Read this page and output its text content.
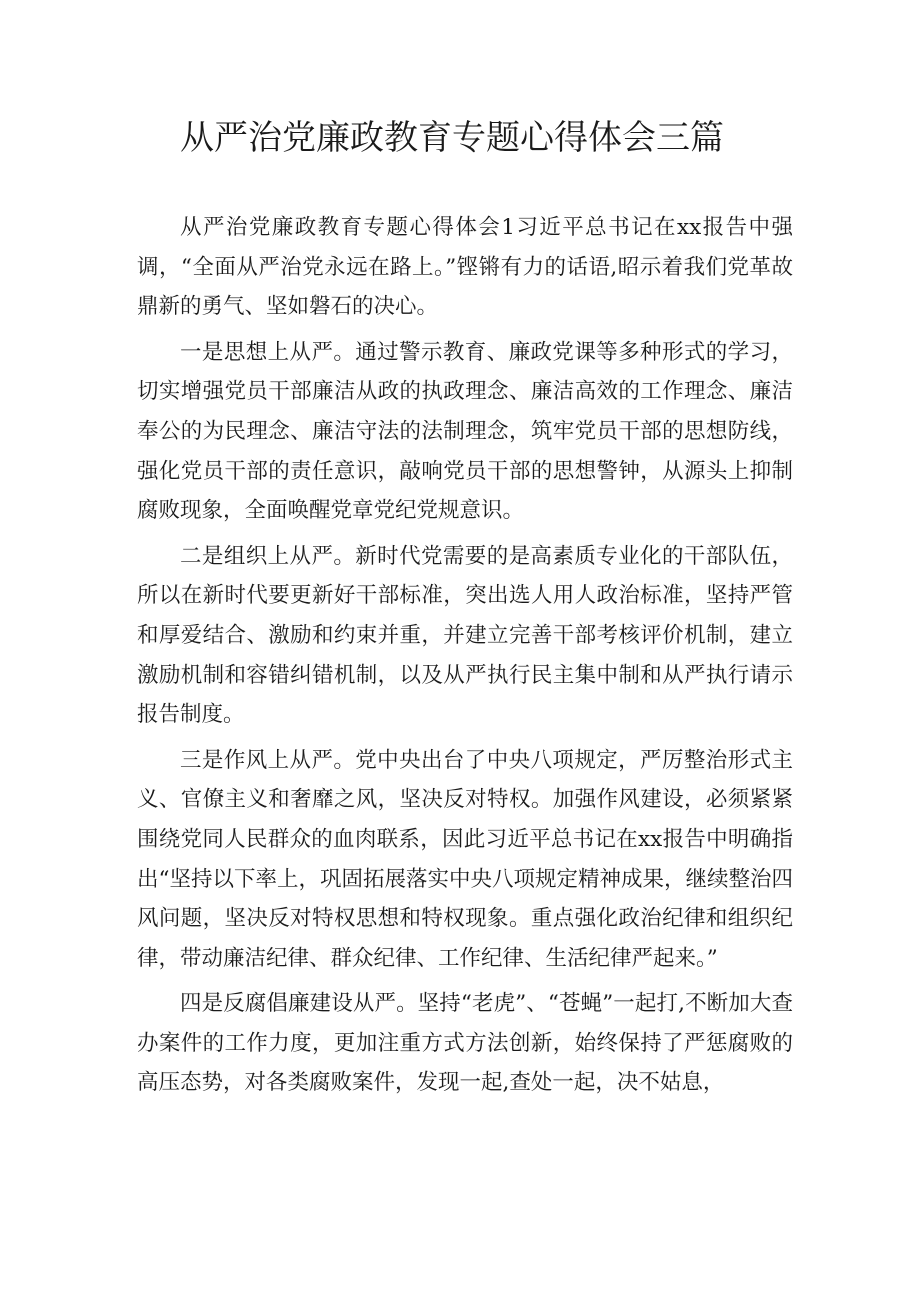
从严治党廉政教育专题心得体会三篇

从严治党廉政教育专题心得体会1习近平总书记在xx报告中强调，“全面从严治党永远在路上。”铿锵有力的话语,昭示着我们党革故鼎新的勇气、坚如磐石的决心。

一是思想上从严。通过警示教育、廉政党课等多种形式的学习，切实增强党员干部廉洁从政的执政理念、廉洁高效的工作理念、廉洁奉公的为民理念、廉洁守法的法制理念，筑牢党员干部的思想防线，强化党员干部的责任意识，敲响党员干部的思想警钟，从源头上抑制腐败现象，全面唤醒党章党纪党规意识。

二是组织上从严。新时代党需要的是高素质专业化的干部队伍，所以在新时代要更新好干部标准，突出选人用人政治标准，坚持严管和厚爱结合、激励和约束并重，并建立完善干部考核评价机制，建立激励机制和容错纠错机制，以及从严执行民主集中制和从严执行请示报告制度。

三是作风上从严。党中央出台了中央八项规定，严厉整治形式主义、官僚主义和奢靡之风，坚决反对特权。加强作风建设，必须紧紧围绕党同人民群众的血肉联系，因此习近平总书记在xx报告中明确指出“坚持以下率上，巩固拓展落实中央八项规定精神成果，继续整治四风问题，坚决反对特权思想和特权现象。重点强化政治纪律和组织纪律，带动廉洁纪律、群众纪律、工作纪律、生活纪律严起来。”

四是反腐倡廉建设从严。坚持“老虎”、“苍蝇”一起打,不断加大查办案件的工作力度，更加注重方式方法创新，始终保持了严惩腐败的高压态势，对各类腐败案件，发现一起,查处一起，决不姑息，
